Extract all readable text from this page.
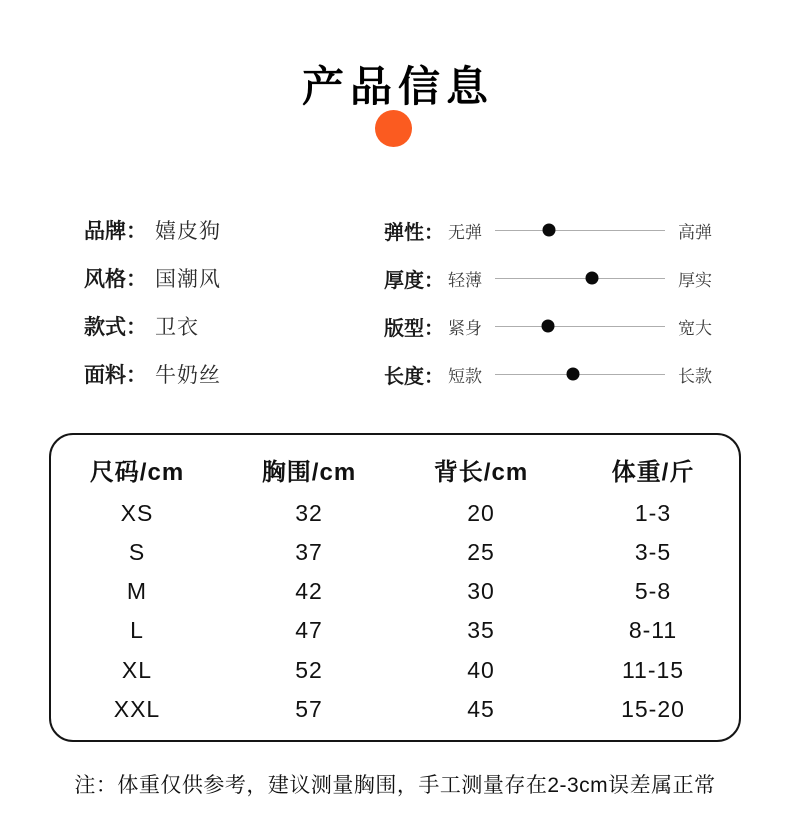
产品信息
品牌： 嬉皮狗
风格： 国潮风
款式： 卫衣
面料： 牛奶丝
弹性： 无弹	高弹
厚度： 轻薄	厚实
版型： 紧身	宽大
长度： 短款	长款
尺码/cm	胸围/cm	背长/cm	体重/斤
XS	32	20	1-3
S	37	25	3-5
M	42	30	5-8
L	47	35	8-11
XL	52	40	11-15
XXL	57	45	15-20

注：体重仅供参考，建议测量胸围，手工测量存在2-3cm误差属正常
